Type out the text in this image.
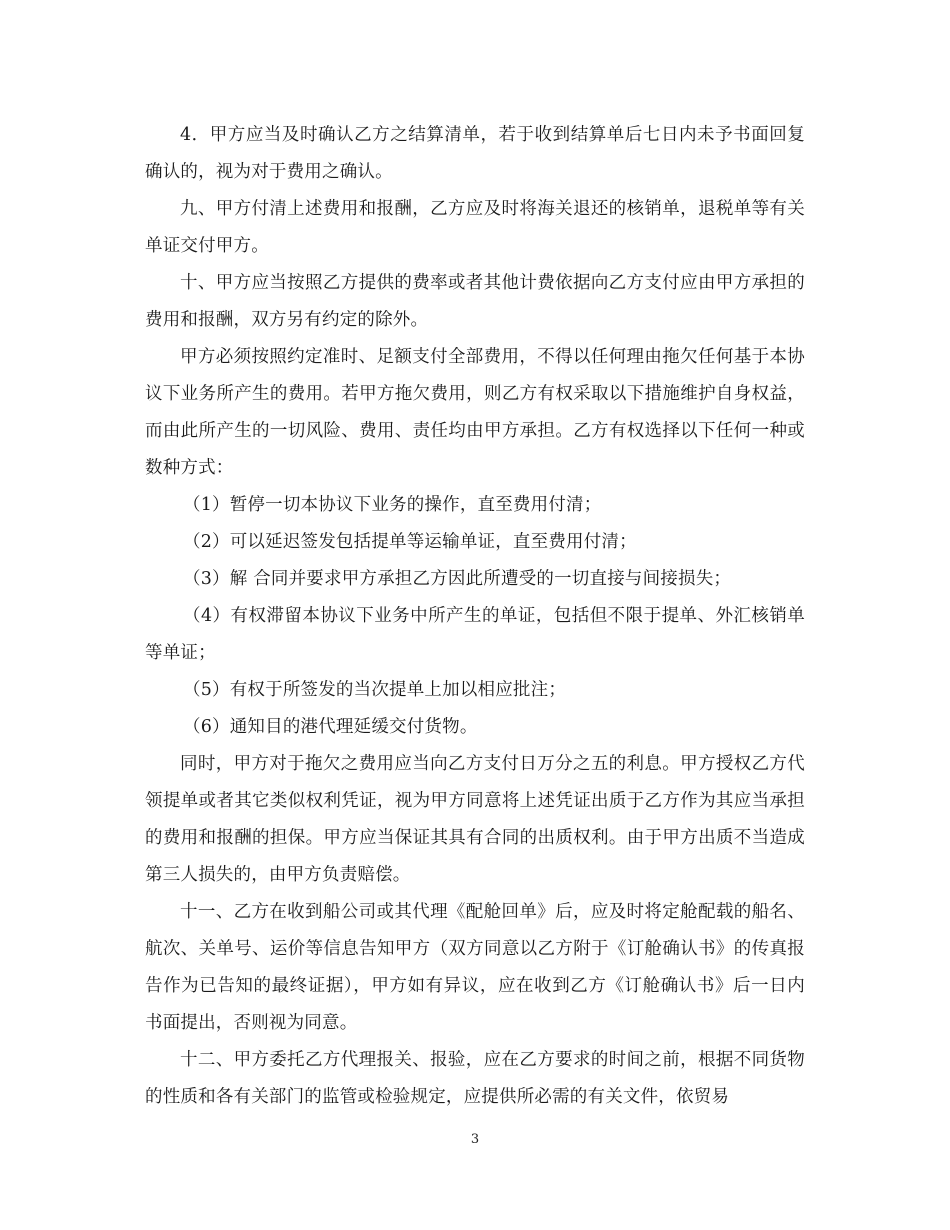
4．甲方应当及时确认乙方之结算清单，若于收到结算单后七日内未予书面回复确认的，视为对于费用之确认。

九、甲方付清上述费用和报酬，乙方应及时将海关退还的核销单，退税单等有关单证交付甲方。

十、甲方应当按照乙方提供的费率或者其他计费依据向乙方支付应由甲方承担的费用和报酬，双方另有约定的除外。

甲方必须按照约定准时、足额支付全部费用，不得以任何理由拖欠任何基于本协议下业务所产生的费用。若甲方拖欠费用，则乙方有权采取以下措施维护自身权益，而由此所产生的一切风险、费用、责任均由甲方承担。乙方有权选择以下任何一种或数种方式：

（1）暂停一切本协议下业务的操作，直至费用付清；

（2）可以延迟签发包括提单等运输单证，直至费用付清；

（3）解 合同并要求甲方承担乙方因此所遭受的一切直接与间接损失；

（4）有权滞留本协议下业务中所产生的单证，包括但不限于提单、外汇核销单等单证；

（5）有权于所签发的当次提单上加以相应批注；

（6）通知目的港代理延缓交付货物。

同时，甲方对于拖欠之费用应当向乙方支付日万分之五的利息。甲方授权乙方代领提单或者其它类似权利凭证，视为甲方同意将上述凭证出质于乙方作为其应当承担的费用和报酬的担保。甲方应当保证其具有合同的出质权利。由于甲方出质不当造成第三人损失的，由甲方负责赔偿。

十一、乙方在收到船公司或其代理《配舱回单》后，应及时将定舱配载的船名、航次、关单号、运价等信息告知甲方（双方同意以乙方附于《订舱确认书》的传真报告作为已告知的最终证据），甲方如有异议，应在收到乙方《订舱确认书》后一日内书面提出，否则视为同意。

十二、甲方委托乙方代理报关、报验，应在乙方要求的时间之前，根据不同货物的性质和各有关部门的监管或检验规定，应提供所必需的有关文件，依贸易

3
